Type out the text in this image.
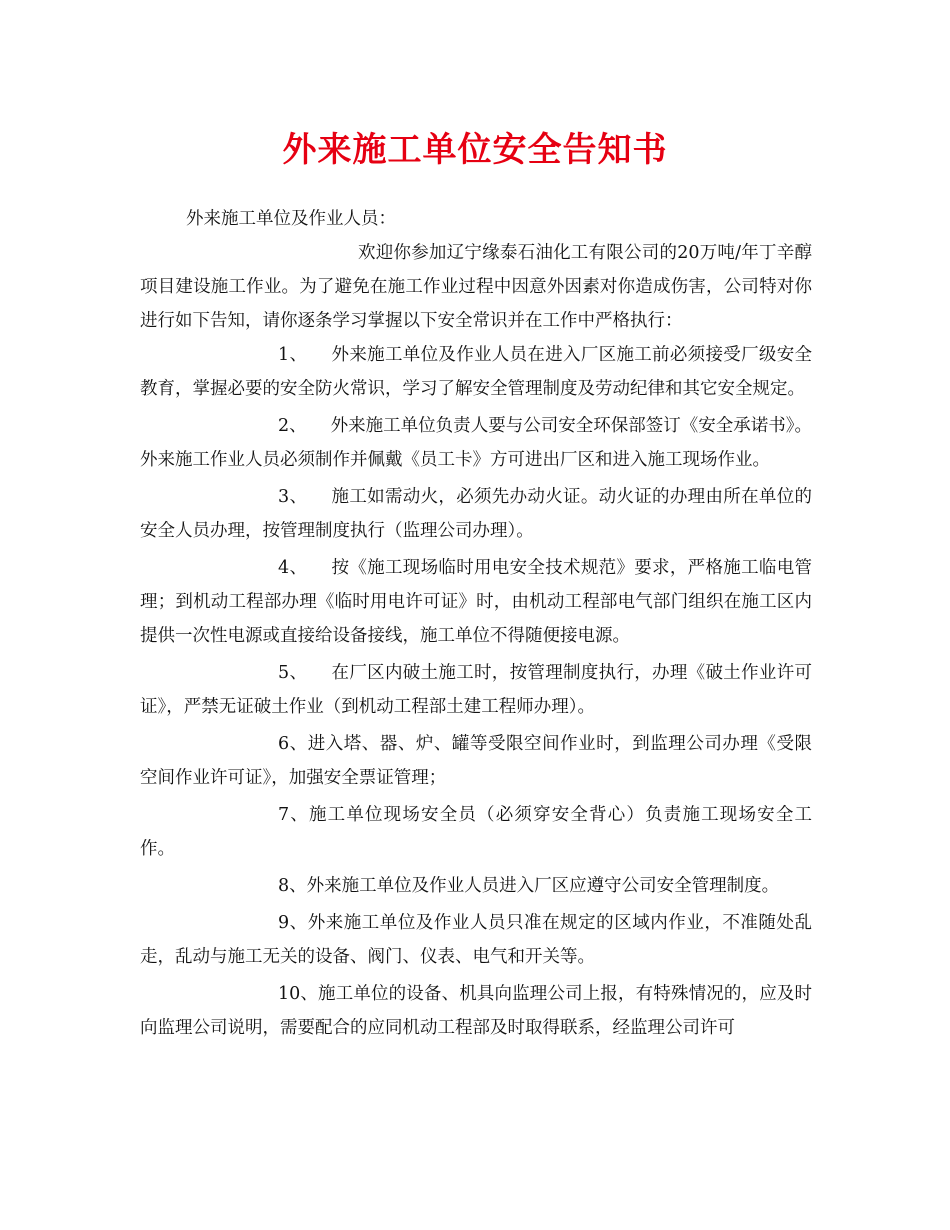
外来施工单位安全告知书

外来施工单位及作业人员：

欢迎你参加辽宁缘泰石油化工有限公司的20万吨/年丁辛醇项目建设施工作业。为了避免在施工作业过程中因意外因素对你造成伤害，公司特对你进行如下告知，请你逐条学习掌握以下安全常识并在工作中严格执行：

1、 外来施工单位及作业人员在进入厂区施工前必须接受厂级安全教育，掌握必要的安全防火常识，学习了解安全管理制度及劳动纪律和其它安全规定。

2、 外来施工单位负责人要与公司安全环保部签订《安全承诺书》。外来施工作业人员必须制作并佩戴《员工卡》方可进出厂区和进入施工现场作业。

3、 施工如需动火，必须先办动火证。动火证的办理由所在单位的安全人员办理，按管理制度执行（监理公司办理）。

4、 按《施工现场临时用电安全技术规范》要求，严格施工临电管理；到机动工程部办理《临时用电许可证》时，由机动工程部电气部门组织在施工区内提供一次性电源或直接给设备接线，施工单位不得随便接电源。

5、 在厂区内破土施工时，按管理制度执行，办理《破土作业许可证》，严禁无证破土作业（到机动工程部土建工程师办理）。

6、进入塔、器、炉、罐等受限空间作业时，到监理公司办理《受限空间作业许可证》，加强安全票证管理；

7、施工单位现场安全员（必须穿安全背心）负责施工现场安全工作。

8、外来施工单位及作业人员进入厂区应遵守公司安全管理制度。

9、外来施工单位及作业人员只准在规定的区域内作业，不准随处乱走，乱动与施工无关的设备、阀门、仪表、电气和开关等。

10、施工单位的设备、机具向监理公司上报，有特殊情况的，应及时向监理公司说明，需要配合的应同机动工程部及时取得联系，经监理公司许可
